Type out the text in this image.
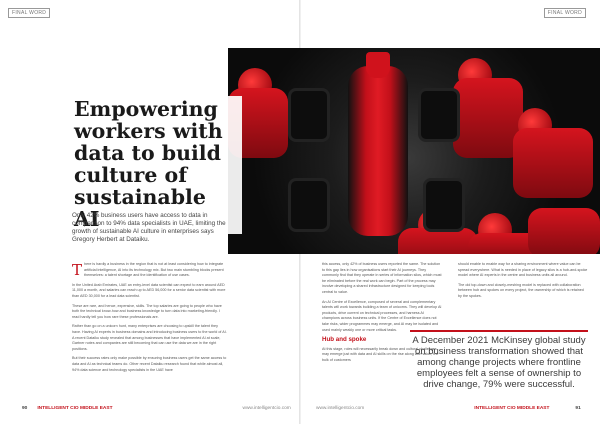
FINAL WORD	FINAL WORD
Empowering workers with data to build culture of sustainable AI

Only 42% business users have access to data in comparison to 94% data specialists in UAE, limiting the growth of sustainable AI culture in enterprises says Gregory Herbert at Dataiku.

There is hardly a business in the region that is not at least considering how to integrate artificial intelligence, AI into its technology mix. But two main stumbling blocks present themselves: a talent shortage and the identification of use cases.

In the United Arab Emirates, UAE an entry-level data scientist can expect to earn around AED 11,000 a month, and salaries can reach up to AED 56,000 for a senior data scientist with more than AED 30,000 for a lead data scientist.

These are rare, and hence, expensive, skills. The top salaries are going to people who have both the technical know-how and business knowledge to turn data into marketing-friendly. I read hardly tell you how rare these professionals are.

Rather than go on a unicorn hunt, many enterprises are choosing to upskill the talent they have. Having AI experts in business domains and introducing business users to the world of AI. A recent Dataiku study revealed that among businesses that have implemented AI at scale, Gartner notes and companies are still becoming that can use the data we are in the right positions.

But their success rates only make possible by ensuring business users get the same access to data and AI as technical teams do. Other recent Dataiku research found that while almost all, 94% data science and technology specialists in the UAE have

this access, only 42% of business users reported the same. The solution to this gap lies in how organisations start their AI journeys. They commonly find that they operate in series of information silos, which must be eliminated before the real work can begin. Part of the process may involve developing a shared infrastructure designed for keeping tools central to value.

An AI Centre of Excellence, composed of several and complementary talents will work towards building a team of unicorns. They will develop AI products, drive current on technical processes, and harness AI champions across business units. If the Centre of Excellence does not take risks, wider programmes may emerge, and AI may be isolated and used mainly weakly one or more critical tasks.

Hub and spoke

At this stage, roles will necessarily break down and cultural challenges may emerge just with data and AI skills on the rise along with value, the bulk of customers

should enable to enable way for a sharing environment where value can be spread everywhere. What is needed in place of legacy silos is a hub-and-spoke model where AI experts in the centre and business units all around.

The old top-down and closely-meshing model is replaced with collaboration between hub and spokes on every project, the ownership of which is retained by the spokes.

A December 2021 McKinsey global study on business transformation showed that among change projects where frontline employees felt a sense of ownership to drive change, 79% were successful.
90 INTELLIGENT CIO MIDDLE EAST	www.intelligentcio.com	www.intelligentcio.com	INTELLIGENT CIO MIDDLE EAST	91
